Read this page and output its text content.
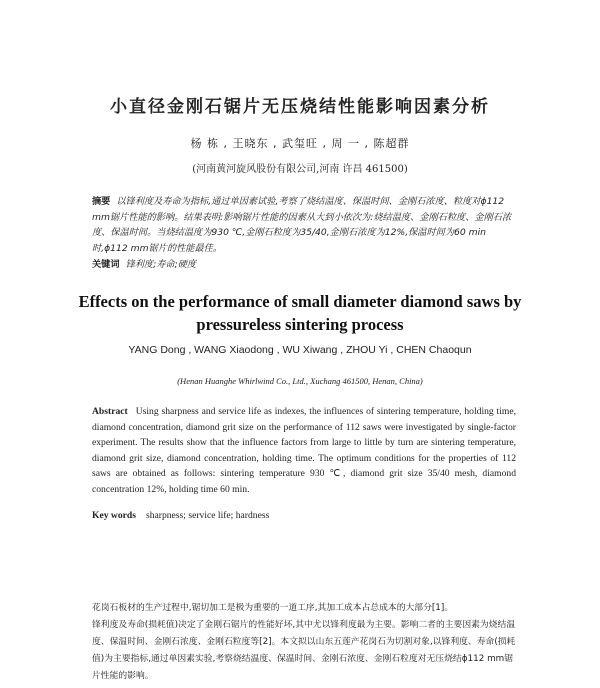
小直径金刚石锯片无压烧结性能影响因素分析
杨 栋 , 王晓东 , 武玺旺 , 周 一 , 陈超群
(河南黄河旋风股份有限公司,河南 许昌 461500)
摘要 以锋利度及寿命为指标,通过单因素试验,考察了烧结温度、保温时间、金刚石浓度、粒度对ϕ112 mm锯片性能的影响。结果表明:影响锯片性能的因素从大到小依次为:烧结温度、金刚石粒度、金刚石浓度、保温时间。当烧结温度为930 ℃,金刚石粒度为35/40,金刚石浓度为12%,保温时间为60 min时,ϕ112 mm锯片的性能最佳。
关键词 锋利度;寿命;硬度
Effects on the performance of small diameter diamond saws by pressureless sintering process
YANG Dong , WANG Xiaodong , WU Xiwang , ZHOU Yi , CHEN Chaoqun
(Henan Huanghe Whirlwind Co., Ltd., Xuchang 461500, Henan, China)
Abstract Using sharpness and service life as indexes, the influences of sintering temperature, holding time, diamond concentration, diamond grit size on the performance of 112 saws were investigated by single-factor experiment. The results show that the influence factors from large to little by turn are sintering temperature, diamond grit size, diamond concentration, holding time. The optimum conditions for the properties of 112 saws are obtained as follows: sintering temperature 930 ℃, diamond grit size 35/40 mesh, diamond concentration 12%, holding time 60 min.
Key words sharpness; service life; hardness

花岗石板材的生产过程中,锯切加工是极为重要的一道工序,其加工成本占总成本的大部分[1]。

锋利度及寿命(损耗值)决定了金刚石锯片的性能好坏,其中尤以锋利度最为主要。影响二者的主要因素为烧结温度、保温时间、金刚石浓度、金刚石粒度等[2]。本文拟以山东五莲产花岗石为切割对象,以锋利度、寿命(损耗值)为主要指标,通过单因素实验,考察烧结温度、保温时间、金刚石浓度、金刚石粒度对无压烧结ϕ112 mm锯片性能的影响。
